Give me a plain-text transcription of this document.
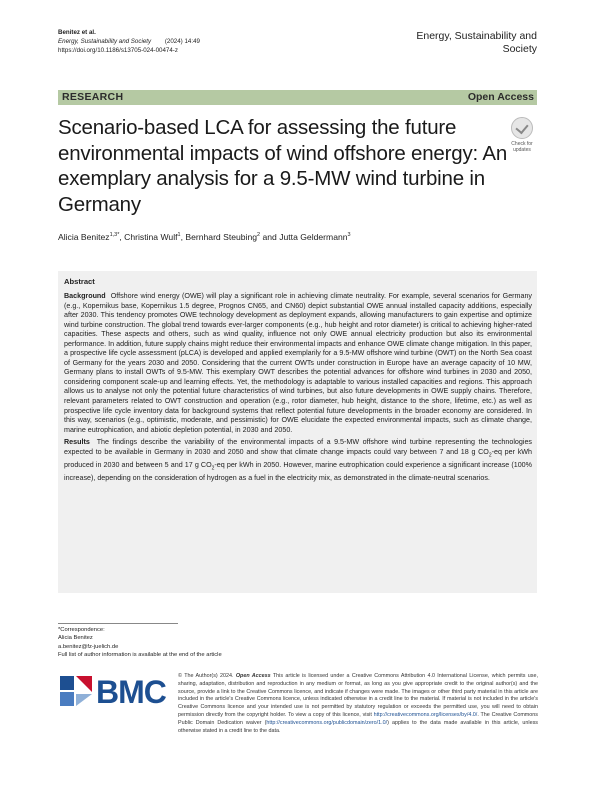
Benitez et al.
Energy, Sustainability and Society (2024) 14:49
https://doi.org/10.1186/s13705-024-00474-z
Energy, Sustainability and Society
RESEARCH	Open Access
Scenario-based LCA for assessing the future environmental impacts of wind offshore energy: An exemplary analysis for a 9.5-MW wind turbine in Germany
Check for updates
Alicia Benitez$^{1,3*}$, Christina Wulf$^1$, Bernhard Steubing$^2$ and Jutta Geldermann$^3$
Abstract

Background Offshore wind energy (OWE) will play a significant role in achieving climate neutrality. For example, several scenarios for Germany (e.g., Kopernikus base, Kopernikus 1.5 degree, Prognos CN65, and CN60) depict substantial OWE annual installed capacity additions, especially after 2030. This tendency promotes OWE technology development as deployment expands, allowing manufacturers to gain expertise and optimize wind turbine construction. The global trend towards ever-larger components (e.g., hub height and rotor diameter) is critical to achieving higher-rated capacities. These aspects and others, such as wind quality, influence not only OWE annual electricity production but also its environmental performance. In addition, future supply chains might reduce their environmental impacts and enhance OWE climate change mitigation. In this paper, a prospective life cycle assessment (pLCA) is developed and applied exemplarily for a 9.5-MW offshore wind turbine (OWT) on the North Sea coast of Germany for the years 2030 and 2050. Considering that the current OWTs under construction in Europe have an average capacity of 10 MW, Germany plans to install OWTs of 9.5-MW. This exemplary OWT describes the potential advances for offshore wind turbines in 2030 and 2050, considering component scale-up and learning effects. Yet, the methodology is adaptable to various installed capacities and regions. This approach allows us to analyse not only the potential future characteristics of wind turbines, but also future developments in OWE supply chains. Therefore, relevant parameters related to OWT construction and operation (e.g., rotor diameter, hub height, distance to the shore, lifetime, etc.) as well as prospective life cycle inventory data for background systems that reflect potential future developments in the broader economy are considered. In this way, scenarios (e.g., optimistic, moderate, and pessimistic) for OWE elucidate the expected environmental impacts, such as climate change, marine eutrophication, and abiotic depletion potential, in 2030 and 2050.

Results The findings describe the variability of the environmental impacts of a 9.5-MW offshore wind turbine representing the technologies expected to be available in Germany in 2030 and 2050 and show that climate change impacts could vary between 7 and 18 g $CO_2-eq$ per kWh produced in 2030 and between 5 and 17 g $CO_2-eq$ per kWh in 2050. However, marine eutrophication could experience a significant increase (100% increase), depending on the consideration of hydrogen as a fuel in the electricity mix, as demonstrated in the climate-neutral scenarios.

*Correspondence:
Alicia Benitez
a.benitez@fz-juelich.de
Full list of author information is available at the end of the article
BMC © The Author(s) 2024. Open Access This article is licensed under a Creative Commons Attribution 4.0 International License, which permits use, sharing, adaptation, distribution and reproduction in any medium or format, as long as you give appropriate credit to the original author(s) and the source, provide a link to the Creative Commons licence, and indicate if changes were made. The images or other third party material in this article are included in the article's Creative Commons licence, unless indicated otherwise in a credit line to the material. If material is not included in the article's Creative Commons licence and your intended use is not permitted by statutory regulation or exceeds the permitted use, you will need to obtain permission directly from the copyright holder. To view a copy of this licence, visit http://creativecommons.org/licenses/by/4.0/. The Creative Commons Public Domain Dedication waiver (http://creativecommons.org/publicdomain/zero/1.0/) applies to the data made available in this article, unless otherwise stated in a credit line to the data.
